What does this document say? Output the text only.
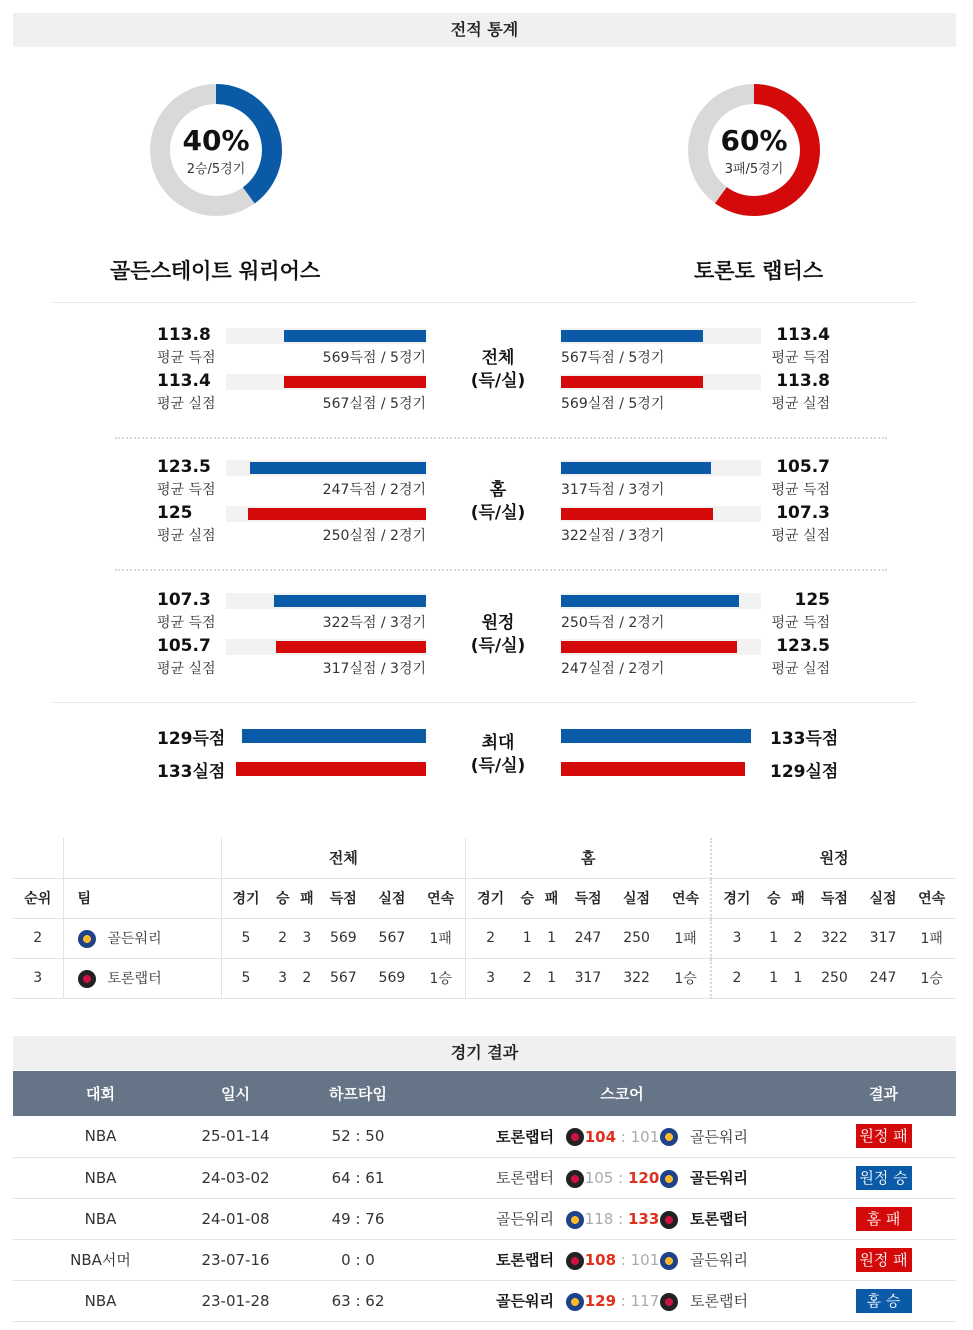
전적 통계
40%
2승/5경기
60%
3패/5경기
골든스테이트 워리어스	토론토 랩터스
113.8
평균 득점	569득점 / 5경기	567득점 / 5경기
113.4
평균 득점
113.4
평균 실점	567실점 / 5경기	569실점 / 5경기
113.8
평균 실점
전체
(득/실)
123.5
평균 득점	247득점 / 2경기	317득점 / 3경기
105.7
평균 득점
125
평균 실점	250실점 / 2경기	322실점 / 3경기
107.3
평균 실점
홈
(득/실)
107.3
평균 득점	322득점 / 3경기	250득점 / 2경기
125
평균 득점
105.7
평균 실점	317실점 / 3경기	247실점 / 2경기
123.5
평균 실점
원정
(득/실)
129득점	133득점
133실점	129실점
최대
(득/실)
		전체						홈						원정					
순위	팀	경기	승	패	득점	실점	연속	경기	승	패	득점	실점	연속	경기	승	패	득점	실점	연속
2	골든워리	5	2	3	569	567	1패	2	1	1	247	250	1패	3	1	2	322	317	1패
3	토론랩터	5	3	2	567	569	1승	3	2	1	317	322	1승	2	1	1	250	247	1승
경기 결과
대회	일시	하프타임	스코어	결과
NBA	25-01-14	52 : 50	토론랩터 104 : 101 골든워리	원정 패
NBA	24-03-02	64 : 61	토론랩터 105 : 120 골든워리	원정 승
NBA	24-01-08	49 : 76	골든워리 118 : 133 토론랩터	홈 패
NBA서머	23-07-16	0 : 0	토론랩터 108 : 101 골든워리	원정 패
NBA	23-01-28	63 : 62	골든워리 129 : 117 토론랩터	홈 승
